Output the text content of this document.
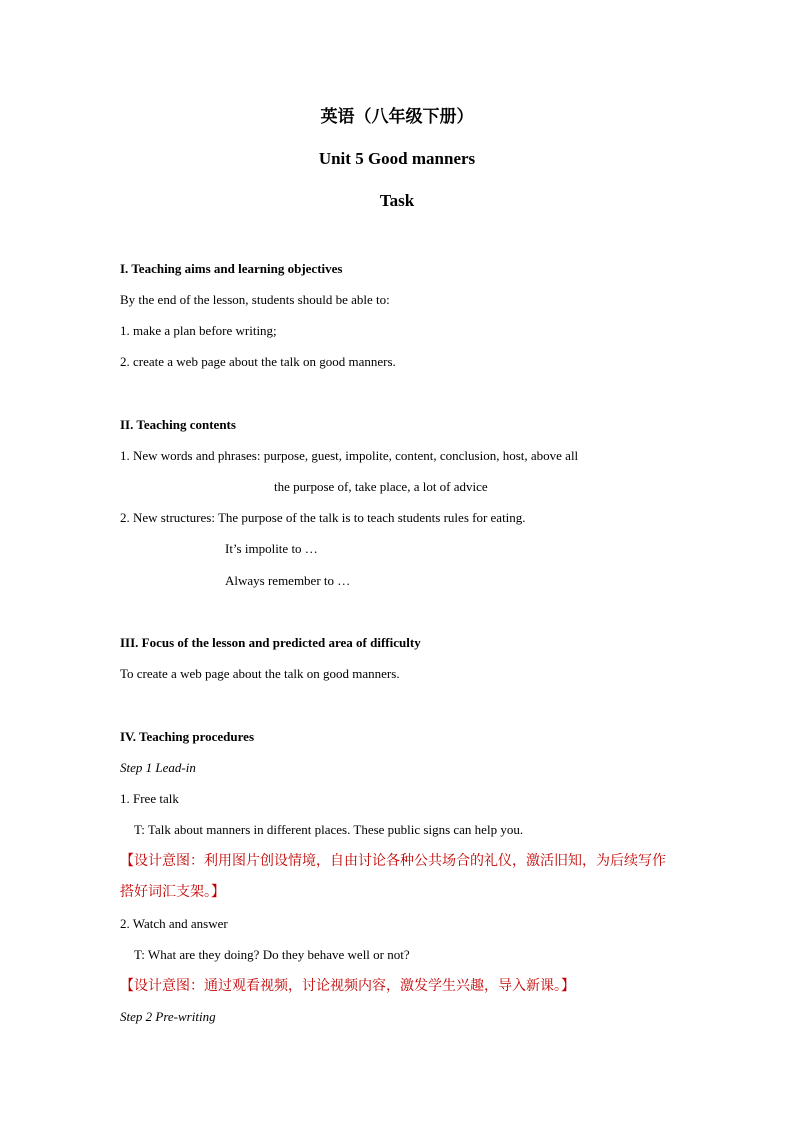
英语（八年级下册）
Unit 5 Good manners
Task

I. Teaching aims and learning objectives

By the end of the lesson, students should be able to:

1. make a plan before writing;

2. create a web page about the talk on good manners.

II. Teaching contents

1. New words and phrases: purpose, guest, impolite, content, conclusion, host, above all

the purpose of, take place, a lot of advice

2. New structures: The purpose of the talk is to teach students rules for eating.

It’s impolite to …

Always remember to …

III. Focus of the lesson and predicted area of difficulty

To create a web page about the talk on good manners.

IV. Teaching procedures

Step 1 Lead-in

1. Free talk

T: Talk about manners in different places. These public signs can help you.

【设计意图：利用图片创设情境，自由讨论各种公共场合的礼仪，激活旧知，为后续写作

搭好词汇支架。】

2. Watch and answer

T: What are they doing? Do they behave well or not?

【设计意图：通过观看视频，讨论视频内容，激发学生兴趣，导入新课。】

Step 2 Pre-writing
